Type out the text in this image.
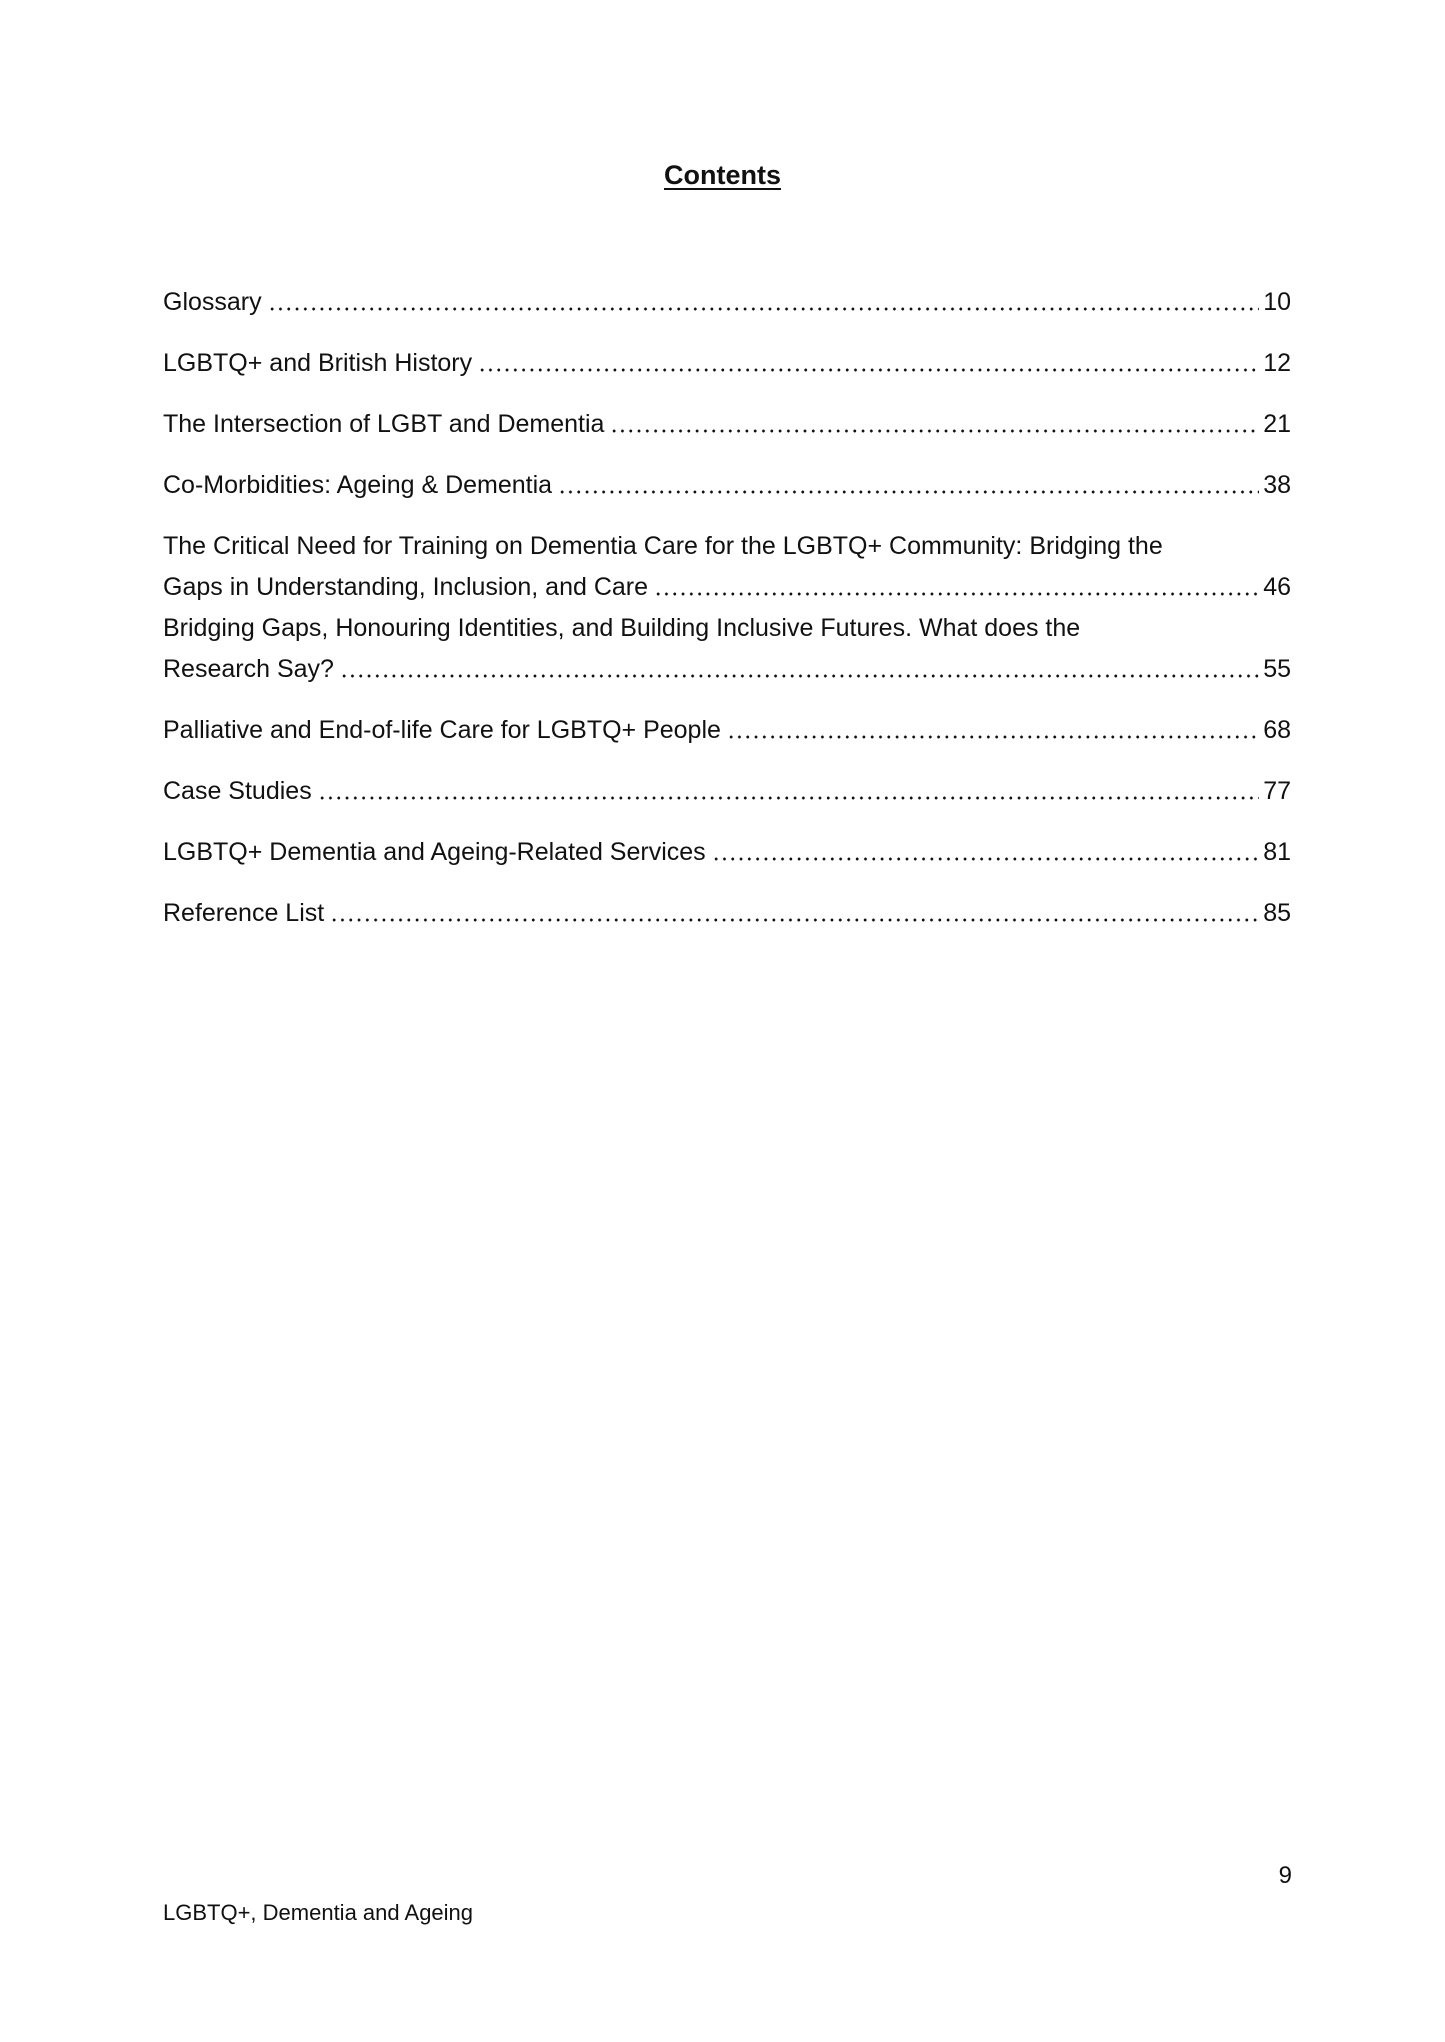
Contents
Glossary	10
LGBTQ+ and British History	12
The Intersection of LGBT and Dementia	21
Co-Morbidities: Ageing & Dementia	38
The Critical Need for Training on Dementia Care for the LGBTQ+ Community: Bridging the
Gaps in Understanding, Inclusion, and Care	46
Bridging Gaps, Honouring Identities, and Building Inclusive Futures. What does the
Research Say?	55
Palliative and End-of-life Care for LGBTQ+ People	68
Case Studies	77
LGBTQ+ Dementia and Ageing-Related Services	81
Reference List	85
9
LGBTQ+, Dementia and Ageing
